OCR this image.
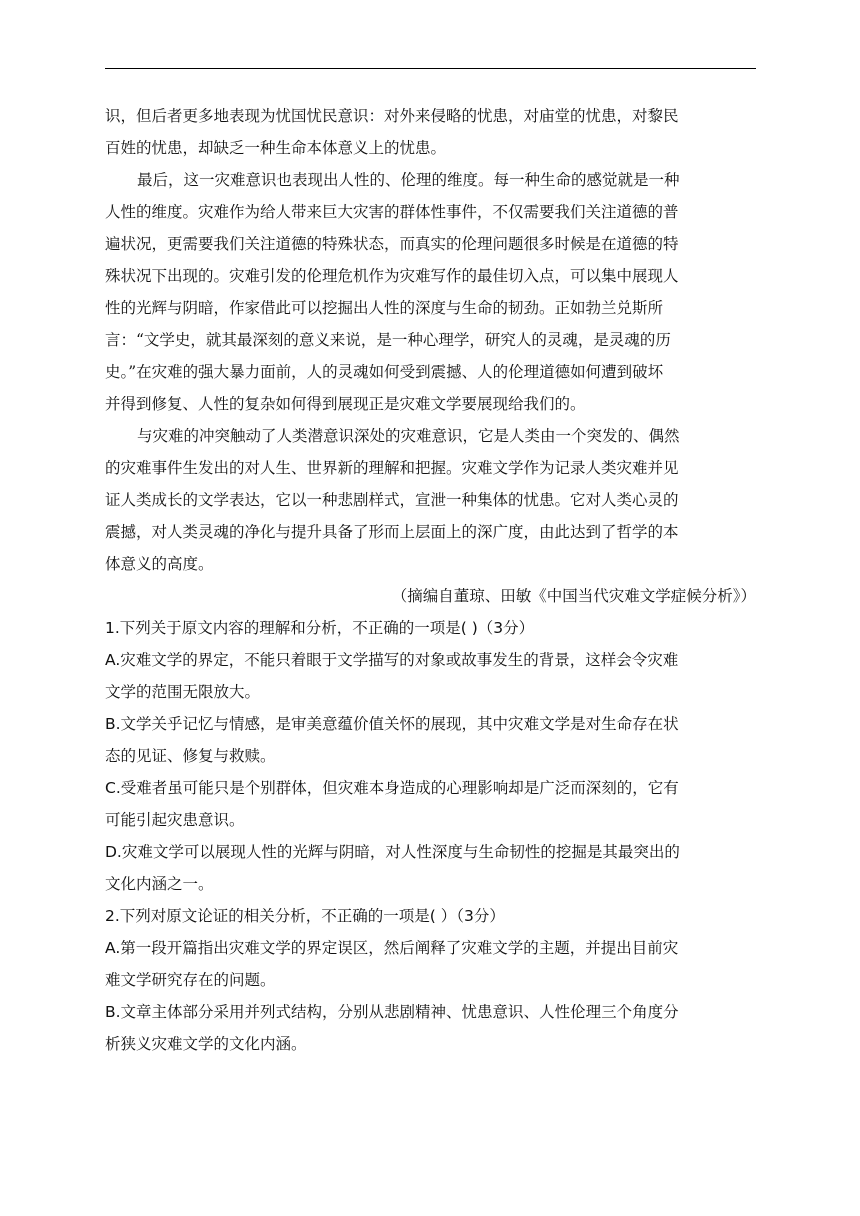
识，但后者更多地表现为忧国忧民意识：对外来侵略的忧患，对庙堂的忧患，对黎民
百姓的忧患，却缺乏一种生命本体意义上的忧患。
最后，这一灾难意识也表现出人性的、伦理的维度。每一种生命的感觉就是一种
人性的维度。灾难作为给人带来巨大灾害的群体性事件，不仅需要我们关注道德的普
遍状况，更需要我们关注道德的特殊状态，而真实的伦理问题很多时候是在道德的特
殊状况下出现的。灾难引发的伦理危机作为灾难写作的最佳切入点，可以集中展现人
性的光辉与阴暗，作家借此可以挖掘出人性的深度与生命的韧劲。正如勃兰兑斯所
言：“文学史，就其最深刻的意义来说，是一种心理学，研究人的灵魂，是灵魂的历
史。”在灾难的强大暴力面前，人的灵魂如何受到震撼、人的伦理道德如何遭到破坏
并得到修复、人性的复杂如何得到展现正是灾难文学要展现给我们的。
与灾难的冲突触动了人类潜意识深处的灾难意识，它是人类由一个突发的、偶然
的灾难事件生发出的对人生、世界新的理解和把握。灾难文学作为记录人类灾难并见
证人类成长的文学表达，它以一种悲剧样式，宣泄一种集体的忧患。它对人类心灵的
震撼，对人类灵魂的净化与提升具备了形而上层面上的深广度，由此达到了哲学的本
体意义的高度。
（摘编自董琼、田敏《中国当代灾难文学症候分析》）
1.下列关于原文内容的理解和分析，不正确的一项是( )（3分）
A.灾难文学的界定，不能只着眼于文学描写的对象或故事发生的背景，这样会令灾难
文学的范围无限放大。
B.文学关乎记忆与情感，是审美意蕴价值关怀的展现，其中灾难文学是对生命存在状
态的见证、修复与救赎。
C.受难者虽可能只是个别群体，但灾难本身造成的心理影响却是广泛而深刻的，它有
可能引起灾患意识。
D.灾难文学可以展现人性的光辉与阴暗，对人性深度与生命韧性的挖掘是其最突出的
文化内涵之一。
2.下列对原文论证的相关分析，不正确的一项是( ）（3分）
A.第一段开篇指出灾难文学的界定误区，然后阐释了灾难文学的主题，并提出目前灾
难文学研究存在的问题。
B.文章主体部分采用并列式结构，分别从悲剧精神、忧患意识、人性伦理三个角度分
析狭义灾难文学的文化内涵。
